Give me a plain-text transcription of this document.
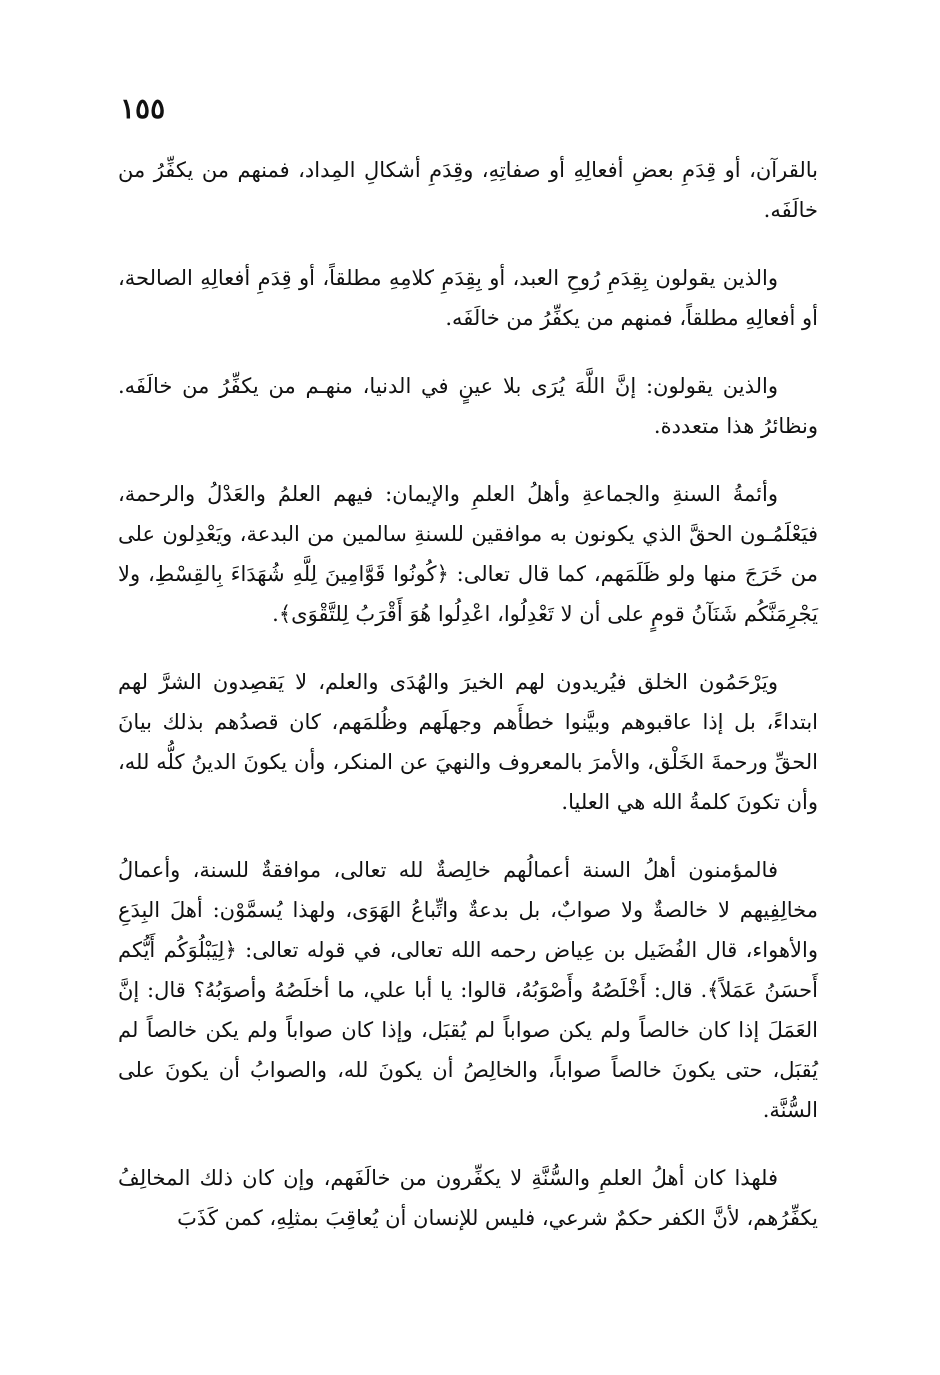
١٥٥

بالقرآن، أو قِدَمِ بعضِ أفعالِهِ أو صفاتِهِ، وقِدَمِ أشكالِ المِداد، فمنهم من يكفِّرُ من خالَفَه.

والذين يقولون بِقِدَمِ رُوحِ العبد، أو بِقِدَمِ كلامِهِ مطلقاً، أو قِدَمِ أفعالِهِ الصالحة، أو أفعالِهِ مطلقاً، فمنهم من يكفِّرُ من خالَفَه.

والذين يقولون: إنَّ اللَّهَ يُرَى بلا عينٍ في الدنيا، منهـم من يكفِّرُ من خالَفَه. ونظائرُ هذا متعددة.

وأئمةُ السنةِ والجماعةِ وأهلُ العلمِ والإيمان: فيهم العلمُ والعَدْلُ والرحمة، فيَعْلَمُـون الحقَّ الذي يكونون به موافقين للسنةِ سالمين من البدعة، ويَعْدِلون على من خَرَجَ منها ولو ظَلَمَهم، كما قال تعالى: ﴿كُونُوا قَوَّامِينَ لِلَّهِ شُهَدَاءَ بِالقِسْطِ، ولا يَجْرِمَنَّكُم شَنَآنُ قومٍ على أن لا تَعْدِلُوا، اعْدِلُوا هُوَ أَقْرَبُ لِلتَّقْوَى﴾.

ويَرْحَمُون الخلق فيُريدون لهم الخيرَ والهُدَى والعلم، لا يَقصِدون الشرَّ لهم ابتداءً، بل إذا عاقبوهم وبيَّنوا خطأَهم وجهلَهم وظُلمَهم، كان قصدُهم بذلك بيانَ الحقِّ ورحمةَ الخَلْق، والأمرَ بالمعروف والنهيَ عن المنكر، وأن يكونَ الدينُ كلُّه لله، وأن تكونَ كلمةُ الله هي العليا.

فالمؤمنون أهلُ السنة أعمالُهم خالِصةٌ لله تعالى، موافقةٌ للسنة، وأعمالُ مخالِفِيهم لا خالصةٌ ولا صوابٌ، بل بدعةٌ واتِّباعُ الهَوَى، ولهذا يُسمَّوْن: أهلَ البِدَعِ والأهواء، قال الفُضَيل بن عِياض رحمه الله تعالى، في قوله تعالى: ﴿لِيَبْلُوَكُم أَيُّكم أَحسَنُ عَمَلاً﴾. قال: أَخْلَصُهُ وأَصْوَبُهُ، قالوا: يا أبا علي، ما أخلَصُهُ وأصوَبُهُ؟ قال: إنَّ العَمَلَ إذا كان خالصاً ولم يكن صواباً لم يُقبَل، وإذا كان صواباً ولم يكن خالصاً لم يُقبَل، حتى يكونَ خالصاً صواباً، والخالِصُ أن يكونَ لله، والصوابُ أن يكونَ على السُّنَّة.

فلهذا كان أهلُ العلمِ والسُّنَّةِ لا يكفِّرون من خالَفَهم، وإن كان ذلك المخالِفُ يكفِّرُهم، لأنَّ الكفر حكمٌ شرعي، فليس للإنسان أن يُعاقِبَ بمثلِهِ، كمن كَذَبَ
